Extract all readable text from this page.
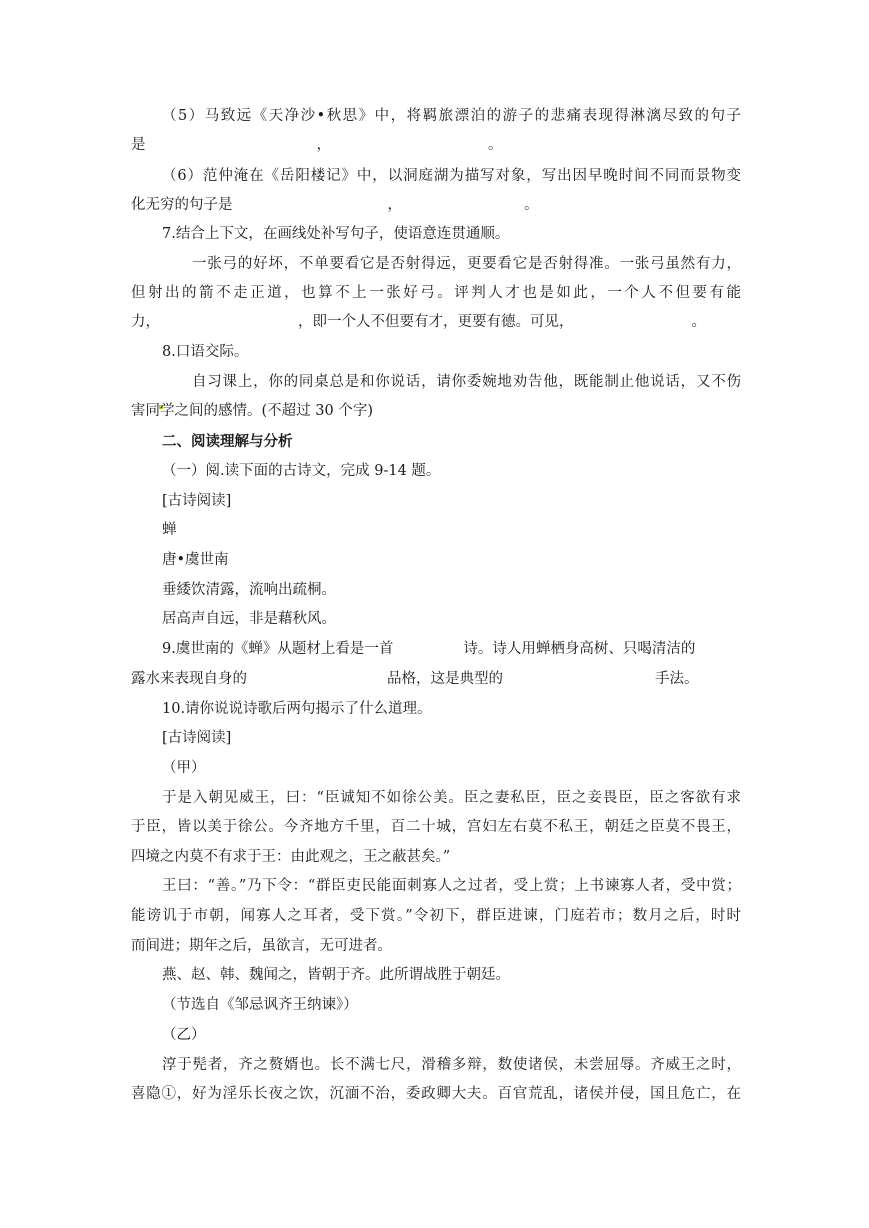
（5）马致远《天净沙•秋思》中，将羁旅漂泊的游子的悲痛表现得淋漓尽致的句子
是	，	。
（6）范仲淹在《岳阳楼记》中，以洞庭湖为描写对象，写出因早晚时间不同而景物变
化无穷的句子是	，	。
7.结合上下文，在画线处补写句子，使语意连贯通顺。
一张弓的好坏，不单要看它是否射得远，更要看它是否射得准。一张弓虽然有力，
但射出的箭不走正道，也算不上一张好弓。评判人才也是如此，一个人不但要有能
力，	，即一个人不但要有才，更要有德。可见，	。
8.口语交际。
自习课上，你的同桌总是和你说话，请你委婉地劝告他，既能制止他说话，又不伤
害同学之间的感情。(不超过 30 个字)
二、阅读理解与分析
（一）阅.读下面的古诗文，完成 9-14 题。
[古诗阅读]
蝉
唐•虞世南
垂緌饮清露，流响出疏桐。
居高声自远，非是藉秋风。
9.虞世南的《蝉》从题材上看是一首	诗。诗人用蝉栖身高树、只喝清洁的
露水来表现自身的	品格，这是典型的	手法。
10.请你说说诗歌后两句揭示了什么道理。
[古诗阅读]
（甲）
于是入朝见威王，曰：“臣诚知不如徐公美。臣之妻私臣，臣之妾畏臣，臣之客欲有求
于臣，皆以美于徐公。今齐地方千里，百二十城，宫妇左右莫不私王，朝廷之臣莫不畏王，
四境之内莫不有求于王：由此观之，王之蔽甚矣。”
王曰：“善。”乃下令：“群臣吏民能面刺寡人之过者，受上赏；上书谏寡人者，受中赏；
能谤讥于市朝，闻寡人之耳者，受下赏。”令初下，群臣进谏，门庭若市；数月之后，时时
而间进；期年之后，虽欲言，无可进者。
燕、赵、韩、魏闻之，皆朝于齐。此所谓战胜于朝廷。
（节选自《邹忌讽齐王纳谏》）
（乙）
淳于髡者，齐之赘婿也。长不满七尺，滑稽多辩，数使诸侯，未尝屈辱。齐威王之时，
喜隐①，好为淫乐长夜之饮，沉湎不治，委政卿大夫。百官荒乱，诸侯并侵，国且危亡，在
